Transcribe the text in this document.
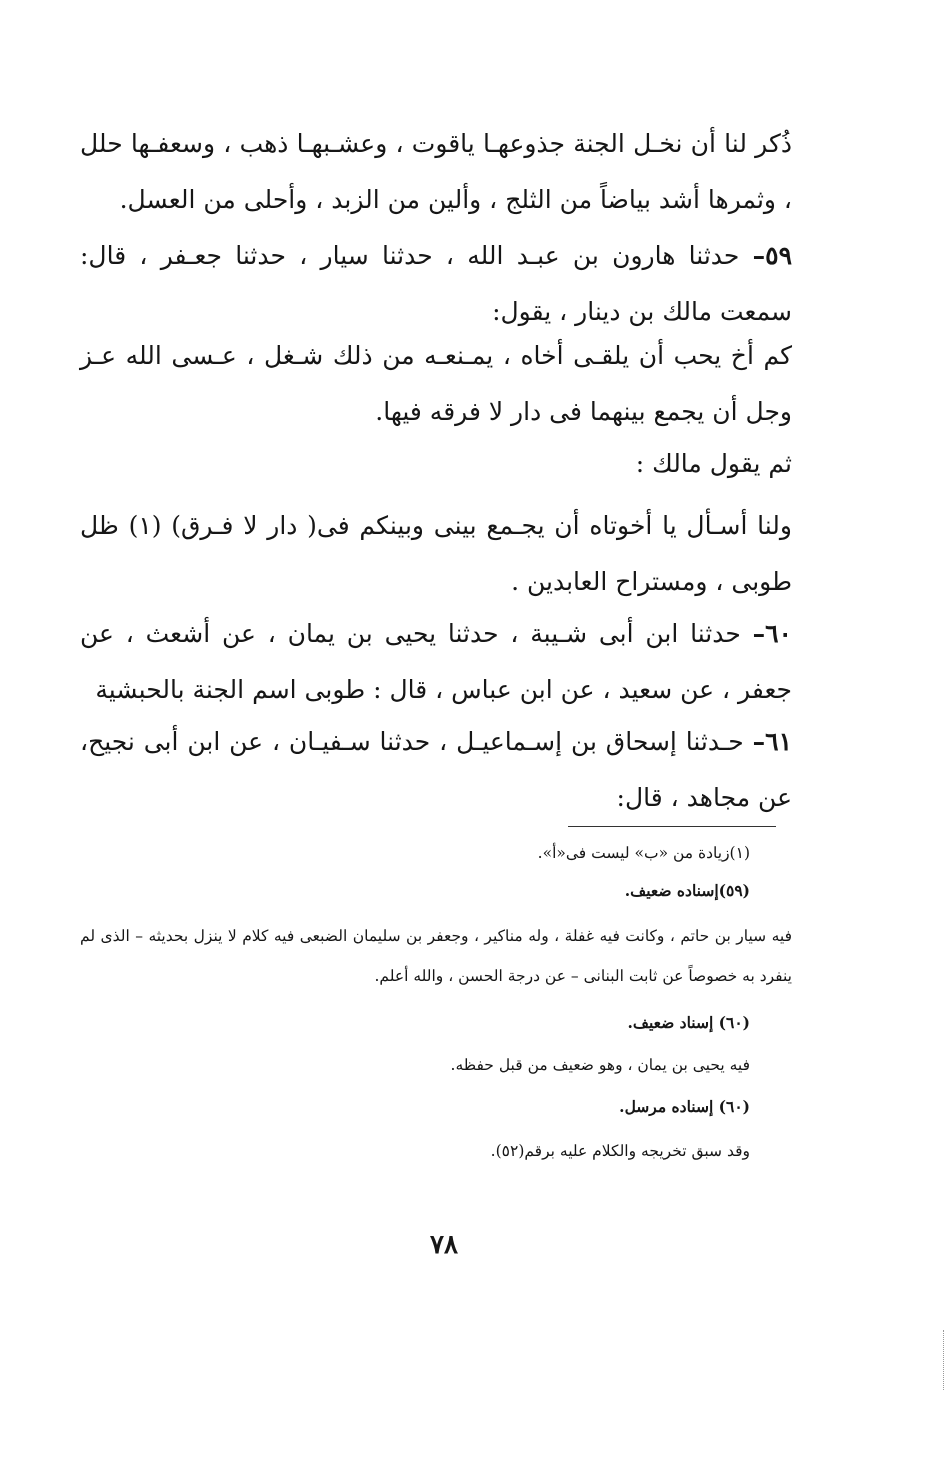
ذُكر لنا أن نخـل الجنة جذوعهـا ياقوت ، وعشـبهـا ذهب ، وسعفـها حلل ، وثمرها أشد بياضاً من الثلج ، وألين من الزبد ، وأحلى من العسل.

٥٩– حدثنا هارون بن عبـد الله ، حدثنا سيار ، حدثنا جعـفر ، قال: سمعت مالك بن دينار ، يقول:

كم أخ يحب أن يلقـى أخاه ، يمـنعـه من ذلك شـغل ، عـسى الله عـز وجل أن يجمع بينهما فى دار لا فرقه فيها.

ثم يقول مالك :

ولنا أسـأل يا أخوتاه أن يجـمع بينى وبينكم فى( دار لا فـرق) (١) ظل طوبى ، ومستراح العابدين .

٦٠– حدثنا ابن أبى شـيبة ، حدثنا يحيى بن يمان ، عن أشعث ، عن جعفر ، عن سعيد ، عن ابن عباس ، قال : طوبى اسم الجنة بالحبشية

٦١– حـدثنا إسحاق بن إسـماعيـل ، حدثنا سـفيـان ، عن ابن أبى نجيح، عن مجاهد ، قال:

(١)زيادة من «ب» ليست فى«أ».

(٥٩)إسناده ضعيف.

فيه سيار بن حاتم ، وكانت فيه غفلة ، وله مناكير ، وجعفر بن سليمان الضبعى فيه كلام لا ينزل بحديثه – الذى لم ينفرد به خصوصاً عن ثابت البنانى – عن درجة الحسن ، والله أعلم.

(٦٠) إسناد ضعيف.

فيه يحيى بن يمان ، وهو ضعيف من قبل حفظه.

(٦٠) إسناده مرسل.

وقد سبق تخريجه والكلام عليه برقم(٥٢).

٧٨
